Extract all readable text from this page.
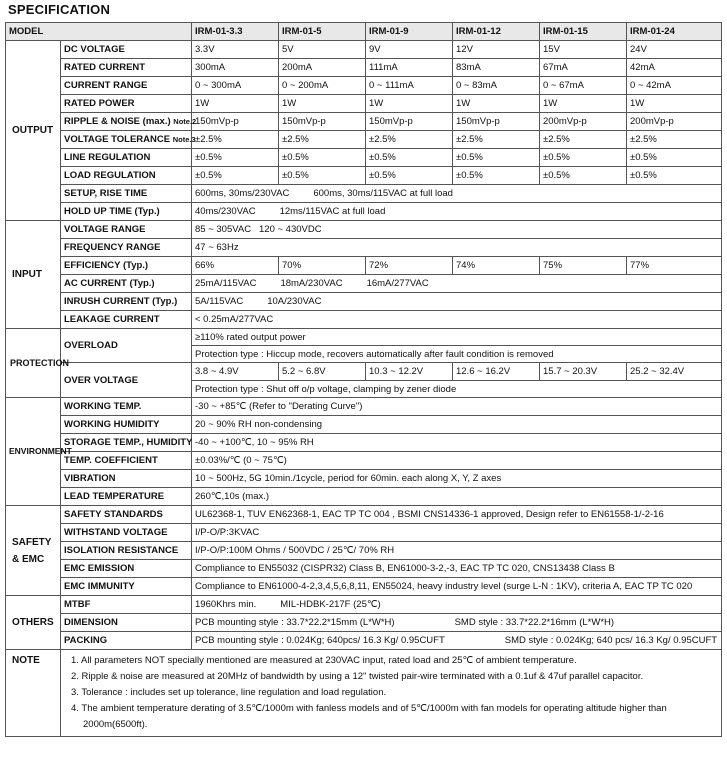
SPECIFICATION
MODEL		IRM-01-3.3	IRM-01-5	IRM-01-9	IRM-01-12	IRM-01-15	IRM-01-24
OUTPUT	DC VOLTAGE	3.3V	5V	9V	12V	15V	24V
	RATED CURRENT	300mA	200mA	111mA	83mA	67mA	42mA
	CURRENT RANGE	0 ~ 300mA	0 ~ 200mA	0 ~ 111mA	0 ~ 83mA	0 ~ 67mA	0 ~ 42mA
	RATED POWER	1W	1W	1W	1W	1W	1W
	RIPPLE & NOISE (max.) Note.2	150mVp-p	150mVp-p	150mVp-p	150mVp-p	200mVp-p	200mVp-p
	VOLTAGE TOLERANCE Note.3	±2.5%	±2.5%	±2.5%	±2.5%	±2.5%	±2.5%
	LINE REGULATION	±0.5%	±0.5%	±0.5%	±0.5%	±0.5%	±0.5%
	LOAD REGULATION	±0.5%	±0.5%	±0.5%	±0.5%	±0.5%	±0.5%
	SETUP, RISE TIME	600ms, 30ms/230VAC 600ms, 30ms/115VAC at full load					
	HOLD UP TIME (Typ.)	40ms/230VAC 12ms/115VAC at full load					
INPUT	VOLTAGE RANGE	85 ~ 305VAC 120 ~ 430VDC					
	FREQUENCY RANGE	47 ~ 63Hz					
	EFFICIENCY (Typ.)	66%	70%	72%	74%	75%	77%
	AC CURRENT (Typ.)	25mA/115VAC 18mA/230VAC 16mA/277VAC					
	INRUSH CURRENT (Typ.)	5A/115VAC 10A/230VAC					
	LEAKAGE CURRENT	< 0.25mA/277VAC					
PROTECTION	OVERLOAD	≥110% rated output power					
		Protection type : Hiccup mode, recovers automatically after fault condition is removed					
	OVER VOLTAGE	3.8 ~ 4.9V	5.2 ~ 6.8V	10.3 ~ 12.2V	12.6 ~ 16.2V	15.7 ~ 20.3V	25.2 ~ 32.4V
		Protection type : Shut off o/p voltage, clamping by zener diode					
ENVIRONMENT	WORKING TEMP.	-30 ~ +85℃ (Refer to "Derating Curve")					
	WORKING HUMIDITY	20 ~ 90% RH non-condensing					
	STORAGE TEMP., HUMIDITY	-40 ~ +100℃, 10 ~ 95% RH					
	TEMP. COEFFICIENT	±0.03%/℃ (0 ~ 75℃)					
	VIBRATION	10 ~ 500Hz, 5G 10min./1cycle, period for 60min. each along X, Y, Z axes					
	LEAD TEMPERATURE	260℃,10s (max.)					
SAFETY & EMC	SAFETY STANDARDS	UL62368-1, TUV EN62368-1, EAC TP TC 004 , BSMI CNS14336-1 approved, Design refer to EN61558-1/-2-16					
	WITHSTAND VOLTAGE	I/P-O/P:3KVAC					
	ISOLATION RESISTANCE	I/P-O/P:100M Ohms / 500VDC / 25℃/ 70% RH					
	EMC EMISSION	Compliance to EN55032 (CISPR32) Class B, EN61000-3-2,-3, EAC TP TC 020, CNS13438 Class B					
	EMC IMMUNITY	Compliance to EN61000-4-2,3,4,5,6,8,11, EN55024, heavy industry level (surge L-N : 1KV), criteria A, EAC TP TC 020					
OTHERS	MTBF	1960Khrs min. MIL-HDBK-217F (25℃)					
	DIMENSION	PCB mounting style : 33.7*22.2*15mm (L*W*H) SMD style : 33.7*22.2*16mm (L*W*H)					
	PACKING	PCB mounting style : 0.024Kg; 640pcs/ 16.3 Kg/ 0.95CUFT SMD style : 0.024Kg; 640 pcs/ 16.3 Kg/ 0.95CUFT					
NOTE	1. All parameters NOT specially mentioned are measured at 230VAC input, rated load and 25℃ of ambient temperature.
2. Ripple & noise are measured at 20MHz of bandwidth by using a 12" twisted pair-wire terminated with a 0.1uf & 47uf parallel capacitor.
3. Tolerance : includes set up tolerance, line regulation and load regulation.
4. The ambient temperature derating of 3.5℃/1000m with fanless models and of 5℃/1000m with fan models for operating altitude higher than 2000m(6500ft).						
